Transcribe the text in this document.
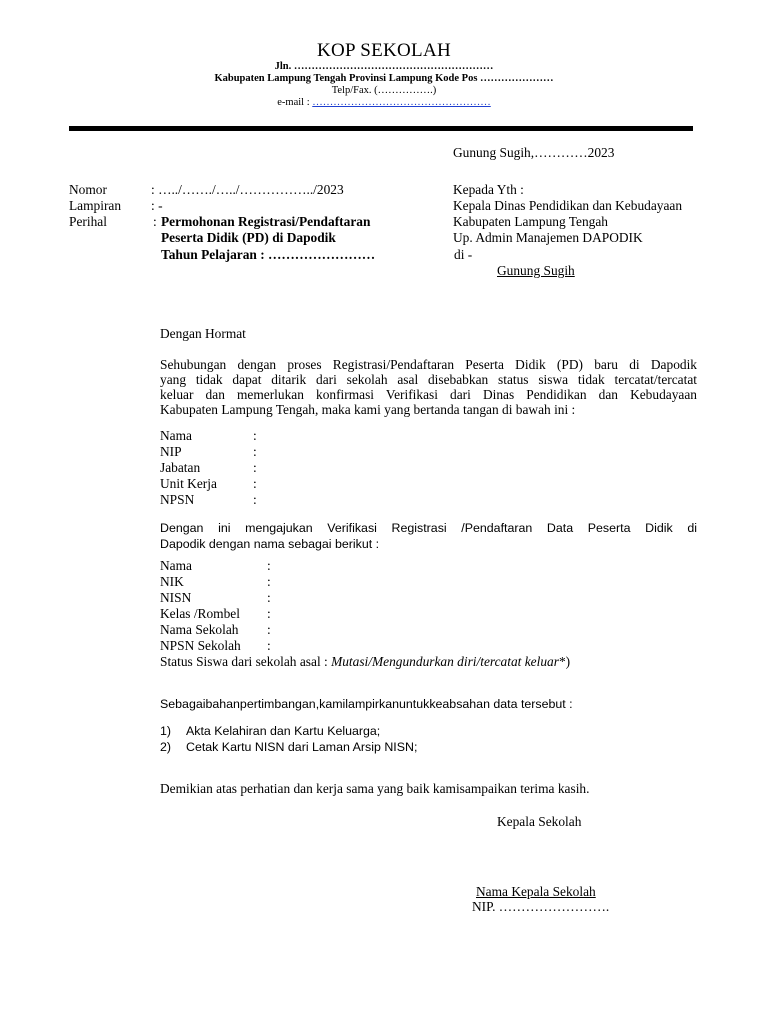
KOP SEKOLAH
Jln. …………………………………………………
Kabupaten Lampung Tengah Provinsi Lampung Kode Pos …………………
Telp/Fax. (…………….)
e-mail : ……………………………………………
Gunung Sugih,…………2023
Nomor	: …../……./…../……………../2023
Lampiran : -
Perihal	: Permohonan Registrasi/Pendaftaran
Peserta Didik (PD) di Dapodik
Tahun Pelajaran : ……………………
Kepada Yth :
Kepala Dinas Pendidikan dan Kebudayaan
Kabupaten Lampung Tengah
Up. Admin Manajemen DAPODIK
di -
Gunung Sugih
Dengan Hormat
Sehubungan dengan proses Registrasi/Pendaftaran Peserta Didik (PD) baru di Dapodik
yang tidak dapat ditarik dari sekolah asal disebabkan status siswa tidak tercatat/tercatat
keluar dan memerlukan konfirmasi Verifikasi dari Dinas Pendidikan dan Kebudayaan
Kabupaten Lampung Tengah, maka kami yang bertanda tangan di bawah ini :
Nama	:
NIP	:
Jabatan	:
Unit Kerja	:
NPSN	:
Dengan ini mengajukan Verifikasi Registrasi /Pendaftaran Data Peserta Didik di
Dapodik dengan nama sebagai berikut :
Nama	:
NIK	:
NISN	:
Kelas /Rombel :
Nama Sekolah :
NPSN Sekolah :
Status Siswa dari sekolah asal : Mutasi/Mengundurkan diri/tercatat keluar*)
Sebagaibahanpertimbangan,kamilampirkanuntukkeabsahan data tersebut :
1) Akta Kelahiran dan Kartu Keluarga;
2) Cetak Kartu NISN dari Laman Arsip NISN;
Demikian atas perhatian dan kerja sama yang baik kamisampaikan terima kasih.
Kepala Sekolah
Nama Kepala Sekolah
NIP. …………………….
